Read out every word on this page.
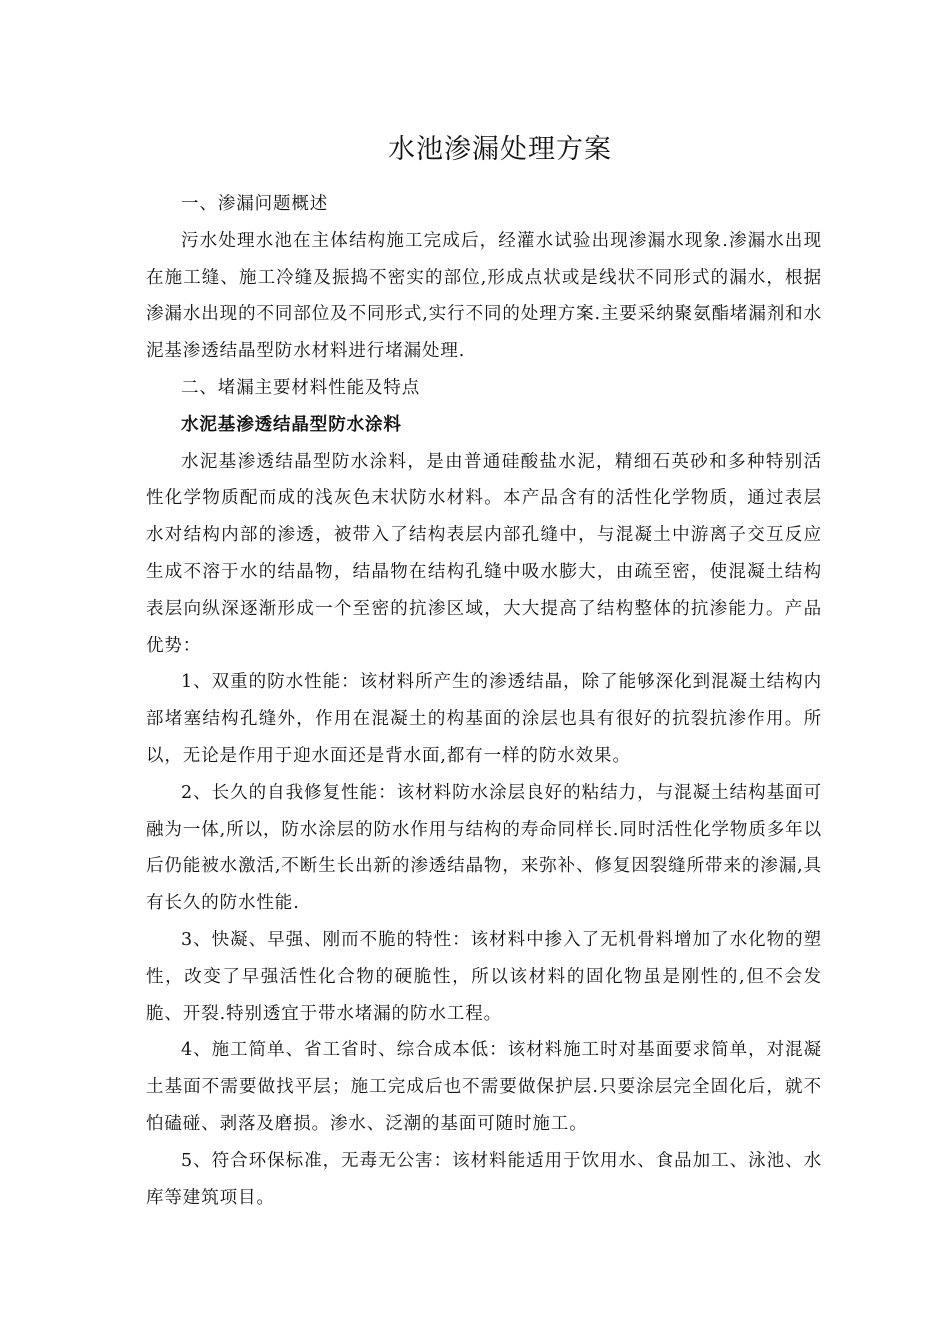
水池渗漏处理方案

一、渗漏问题概述

污水处理水池在主体结构施工完成后，经灌水试验出现渗漏水现象.渗漏水出现在施工缝、施工冷缝及振捣不密实的部位,形成点状或是线状不同形式的漏水，根据渗漏水出现的不同部位及不同形式,实行不同的处理方案.主要采纳聚氨酯堵漏剂和水泥基渗透结晶型防水材料进行堵漏处理.

二、堵漏主要材料性能及特点

水泥基渗透结晶型防水涂料

水泥基渗透结晶型防水涂料，是由普通硅酸盐水泥，精细石英砂和多种特别活性化学物质配而成的浅灰色末状防水材料。本产品含有的活性化学物质，通过表层水对结构内部的渗透，被带入了结构表层内部孔缝中，与混凝土中游离子交互反应生成不溶于水的结晶物，结晶物在结构孔缝中吸水膨大，由疏至密，使混凝土结构表层向纵深逐渐形成一个至密的抗渗区域，大大提高了结构整体的抗渗能力。产品优势：

1、双重的防水性能：该材料所产生的渗透结晶，除了能够深化到混凝土结构内部堵塞结构孔缝外，作用在混凝土的构基面的涂层也具有很好的抗裂抗渗作用。所以，无论是作用于迎水面还是背水面,都有一样的防水效果。

2、长久的自我修复性能：该材料防水涂层良好的粘结力，与混凝土结构基面可融为一体,所以，防水涂层的防水作用与结构的寿命同样长.同时活性化学物质多年以后仍能被水激活,不断生长出新的渗透结晶物，来弥补、修复因裂缝所带来的渗漏,具有长久的防水性能.

3、快凝、早强、刚而不脆的特性：该材料中掺入了无机骨料增加了水化物的塑性，改变了早强活性化合物的硬脆性，所以该材料的固化物虽是刚性的,但不会发脆、开裂.特别透宜于带水堵漏的防水工程。

4、施工简单、省工省时、综合成本低：该材料施工时对基面要求简单，对混凝土基面不需要做找平层；施工完成后也不需要做保护层.只要涂层完全固化后，就不怕磕碰、剥落及磨损。渗水、泛潮的基面可随时施工。

5、符合环保标准，无毒无公害：该材料能适用于饮用水、食品加工、泳池、水库等建筑项目。
